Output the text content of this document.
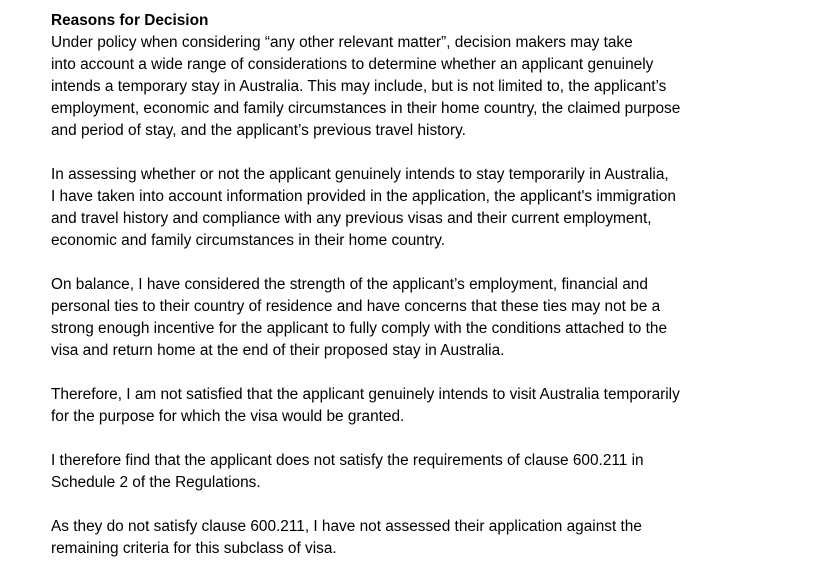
Reasons for Decision

Under policy when considering “any other relevant matter”, decision makers may take
into account a wide range of considerations to determine whether an applicant genuinely
intends a temporary stay in Australia. This may include, but is not limited to, the applicant’s
employment, economic and family circumstances in their home country, the claimed purpose
and period of stay, and the applicant’s previous travel history.

In assessing whether or not the applicant genuinely intends to stay temporarily in Australia,
I have taken into account information provided in the application, the applicant's immigration
and travel history and compliance with any previous visas and their current employment,
economic and family circumstances in their home country.

On balance, I have considered the strength of the applicant’s employment, financial and
personal ties to their country of residence and have concerns that these ties may not be a
strong enough incentive for the applicant to fully comply with the conditions attached to the
visa and return home at the end of their proposed stay in Australia.

Therefore, I am not satisfied that the applicant genuinely intends to visit Australia temporarily
for the purpose for which the visa would be granted.

I therefore find that the applicant does not satisfy the requirements of clause 600.211 in
Schedule 2 of the Regulations.

As they do not satisfy clause 600.211, I have not assessed their application against the
remaining criteria for this subclass of visa.
